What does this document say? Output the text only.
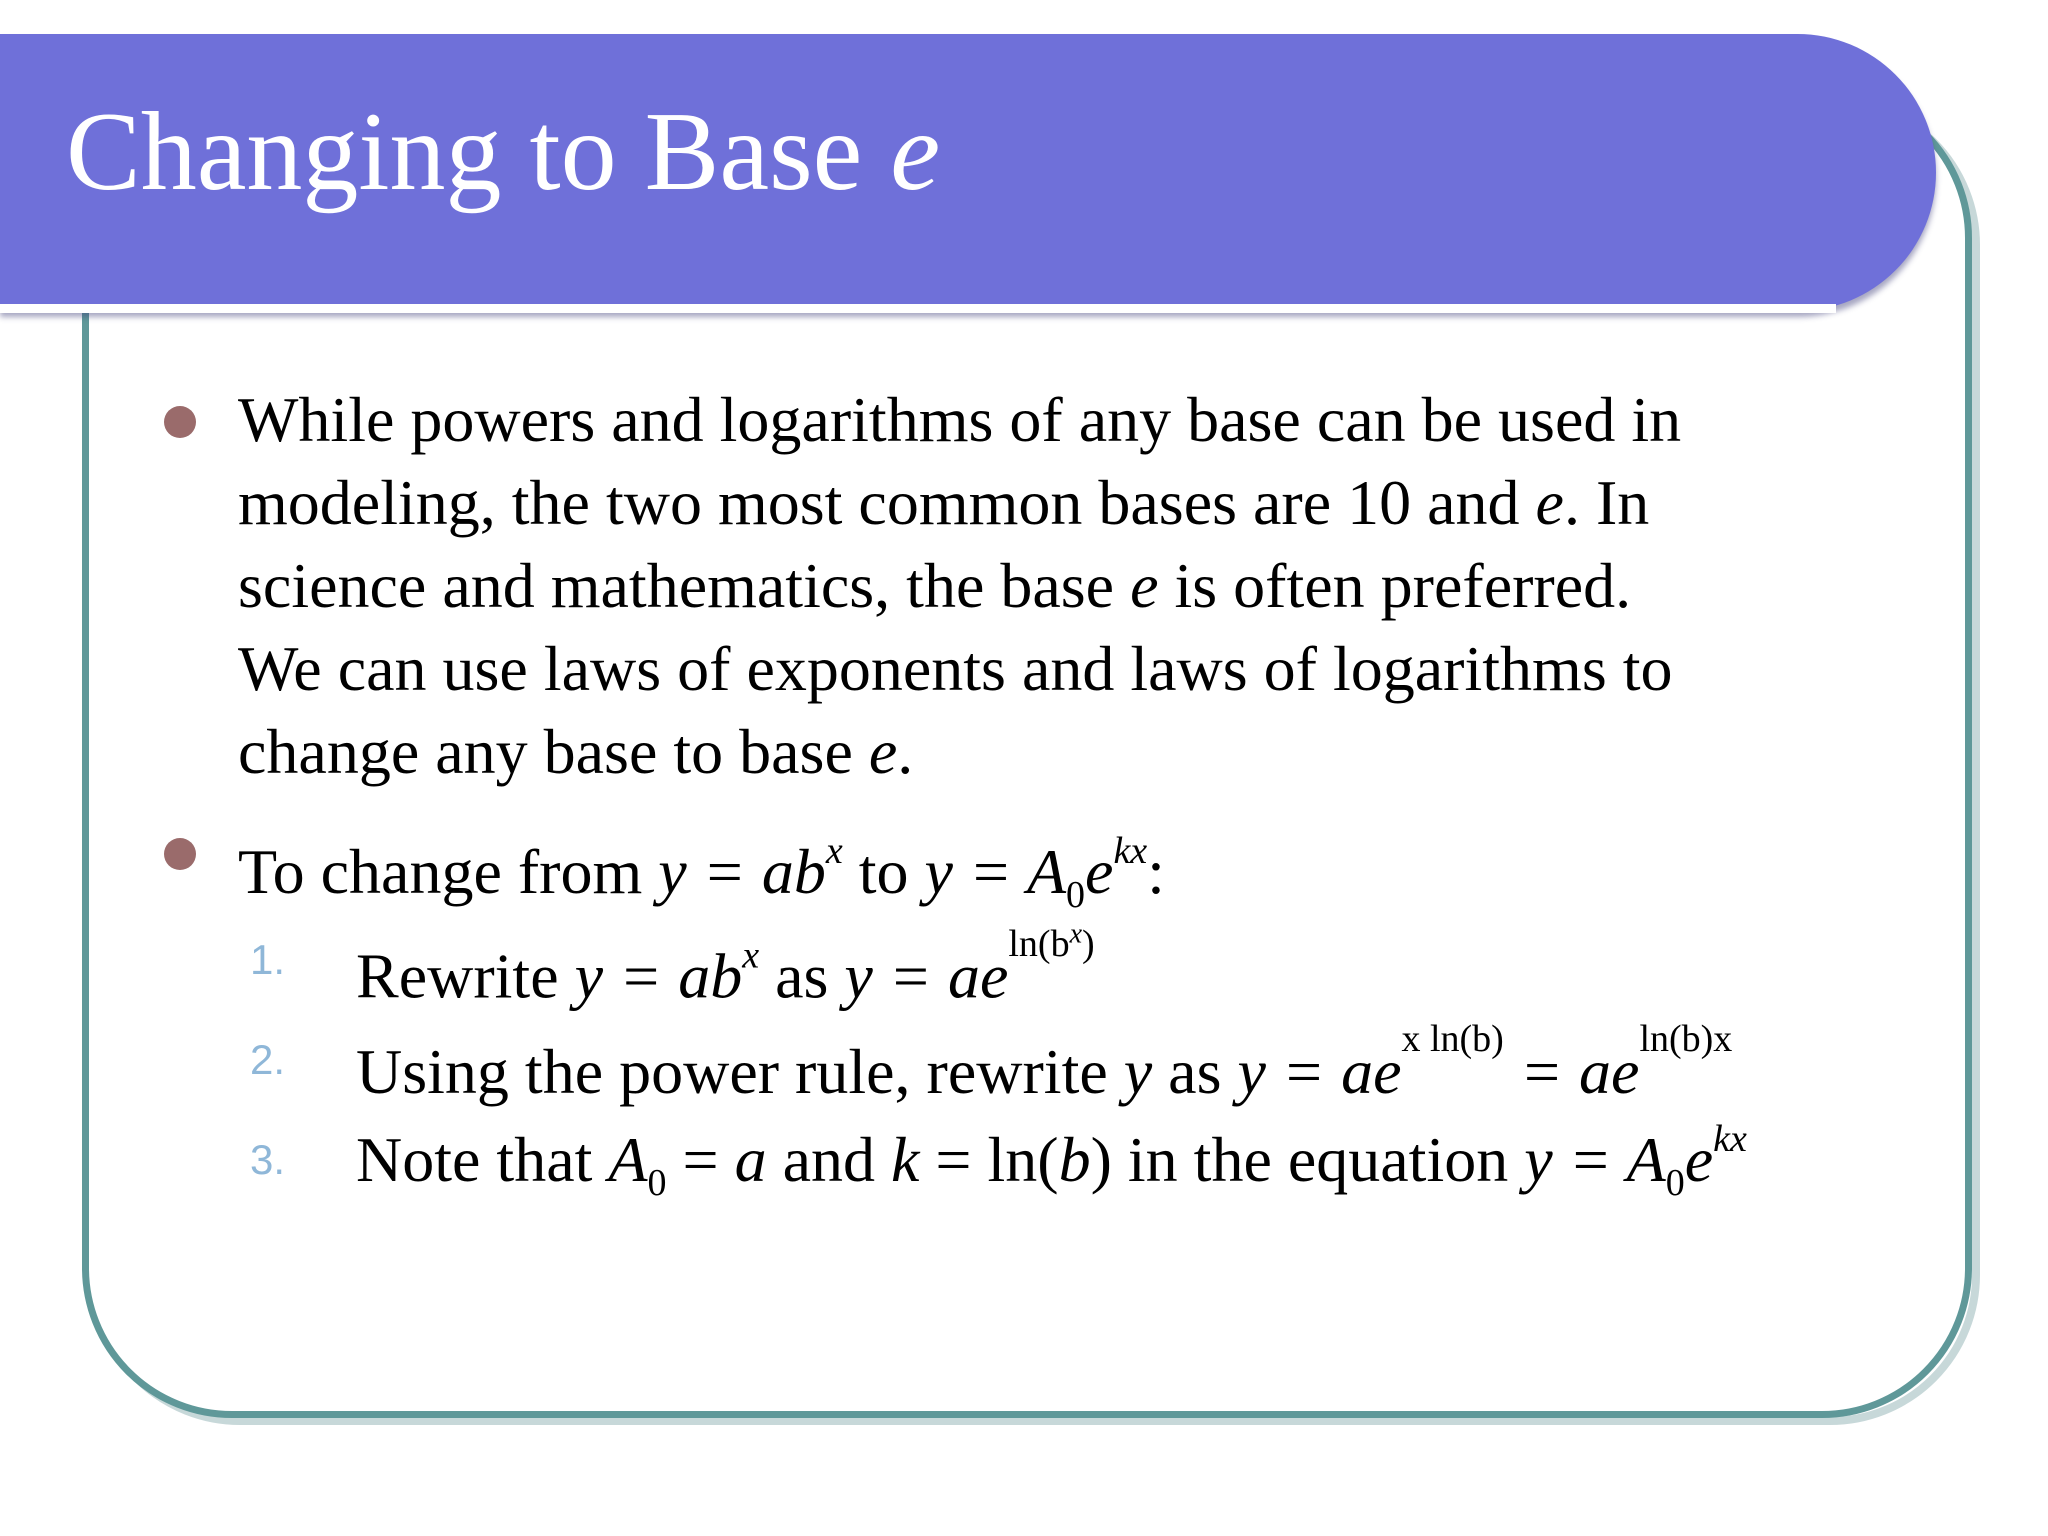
Changing to Base e
While powers and logarithms of any base can be used in
modeling, the two most common bases are 10 and e. In
science and mathematics, the base e is often preferred.
We can use laws of exponents and laws of logarithms to
change any base to base e.
To change from $y = ab^x$ to $y = A_0e^{kx}$:
1. Rewrite $y = ab^x$ as $y = ae^{ln(b^x)}$
2. Using the power rule, rewrite y as $y = ae^{x ln(b)} = ae^{ln(b)x}$
3. Note that $A_0 = a$ and k = ln(b) in the equation $y = A_0e^{kx}$
